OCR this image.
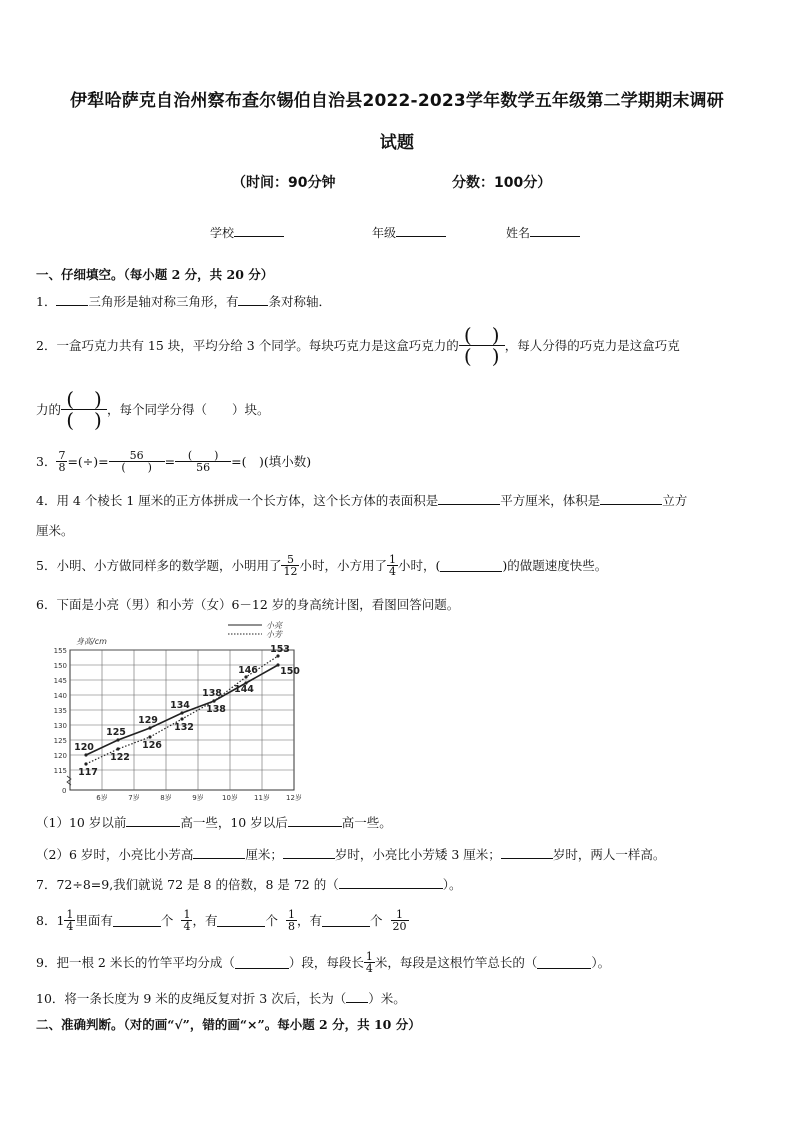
伊犁哈萨克自治州察布查尔锡伯自治县2022-2023学年数学五年级第二学期期末调研
试题
（时间：90分钟	分数：100分）
学校	年级	姓名
一、仔细填空。（每小题 2 分，共 20 分）
1．	三角形是轴对称三角形，有 条对称轴．
2．一盒巧克力共有 15 块，平均分给 3 个同学。每块巧克力是这盒巧克力的 $\frac{( )}{( )}$ ，每人分得的巧克力是这盒巧克
力的 $\frac{( )}{( )}$ ，每个同学分得（　　）块。
3． $\frac{7}{8}$ =(÷)= $\frac{56}{( )} = \frac{( )}{56}$ =(　)(填小数)
4．用 4 个棱长 1 厘米的正方体拼成一个长方体，这个长方体的表面积是	平方厘米，体积是	立方
厘米。
5．小明、小方做同样多的数学题，小明用了 $\frac{5}{12}$ 小时，小方用了 $\frac{1}{4}$ 小时，(	)的做题速度快些。
6．下面是小亮（男）和小芳（女）6－12 岁的身高统计图，看图回答问题。
115
120
125
130
135
140
145
150
155
0
6岁	7岁	8岁	9岁	10岁 11岁 12岁
身高/cm
小亮
小芳
120
125
129
134
138 144
150
117
122
126
132
138
146
153
（1）10 岁以前	高一些，10 岁以后	高一些。
（2）6 岁时，小亮比小芳高	厘米；	岁时，小亮比小芳矮 3 厘米；	岁时，两人一样高。
7．72÷8=9,我们就说 72 是 8 的倍数，8 是 72 的（	）。
8．$1 \frac{1}{4}$ 里面有	个 $\frac{1}{4}$ ，有	个 $\frac{1}{8}$ ，有	个 $\frac{1}{20}$
9．把一根 2 米长的竹竿平均分成（	）段，每段长 $\frac{1}{4}$ 米，每段是这根竹竿总长的（	）。
10．将一条长度为 9 米的皮绳反复对折 3 次后，长为（ ）米。
二、准确判断。（对的画“√”，错的画“×”。每小题 2 分，共 10 分）
